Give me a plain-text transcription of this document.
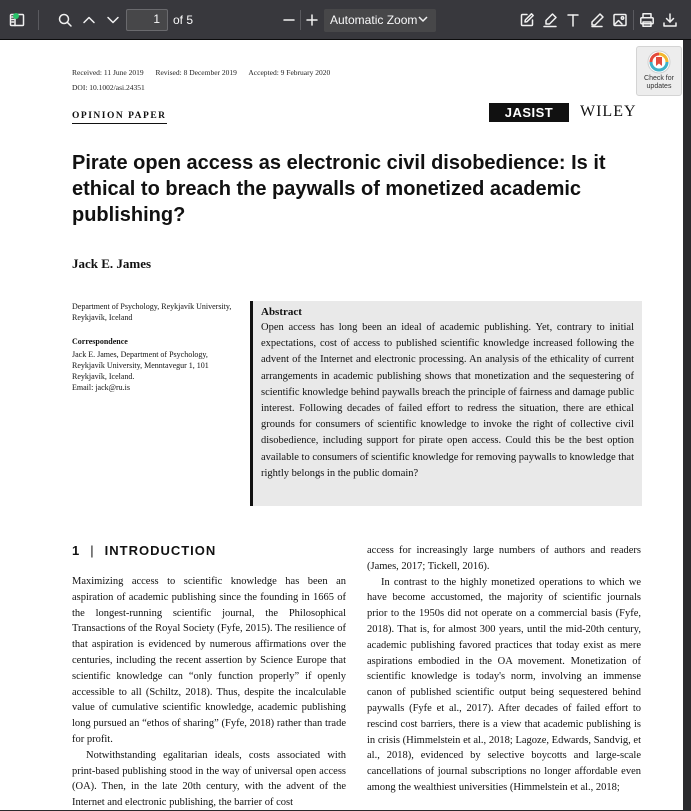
1	of 5	Automatic Zoom
Received: 11 June 2019 Revised: 8 December 2019 Accepted: 9 February 2020
DOI: 10.1002/asi.24351
Check for updates
OPINION PAPER	JASIST	WILEY
Pirate open access as electronic civil disobedience: Is it ethical to breach the paywalls of monetized academic publishing?
Jack E. James
Department of Psychology, Reykjavík University, Reykjavík, Iceland
Correspondence
Jack E. James, Department of Psychology,
Reykjavík University, Menntavegur 1, 101
Reykjavík, Iceland.
Email: jack@ru.is
Abstract

Open access has long been an ideal of academic publishing. Yet, contrary to initial expectations, cost of access to published scientific knowledge increased following the advent of the Internet and electronic processing. An analysis of the ethicality of current arrangements in academic publishing shows that monetization and the sequestering of scientific knowledge behind paywalls breach the principle of fairness and damage public interest. Following decades of failed effort to redress the situation, there are ethical grounds for consumers of scientific knowledge to invoke the right of collective civil disobedience, including support for pirate open access. Could this be the best option available to consumers of scientific knowledge for removing paywalls to knowledge that rightly belongs in the public domain?

1 | INTRODUCTION

Maximizing access to scientific knowledge has been an aspiration of academic publishing since the founding in 1665 of the longest-running scientific journal, the Philosophical Transactions of the Royal Society (Fyfe, 2015). The resilience of that aspiration is evidenced by numerous affirmations over the centuries, including the recent assertion by Science Europe that scientific knowledge can “only function properly” if openly accessible to all (Schiltz, 2018). Thus, despite the incalculable value of cumulative scientific knowledge, academic publishing long pursued an “ethos of sharing” (Fyfe, 2018) rather than trade for profit.

Notwithstanding egalitarian ideals, costs associated with print-based publishing stood in the way of universal open access (OA). Then, in the late 20th century, with the advent of the Internet and electronic publishing, the barrier of cost

access for increasingly large numbers of authors and readers (James, 2017; Tickell, 2016).

In contrast to the highly monetized operations to which we have become accustomed, the majority of scientific journals prior to the 1950s did not operate on a commercial basis (Fyfe, 2018). That is, for almost 300 years, until the mid-20th century, academic publishing favored practices that today exist as mere aspirations embodied in the OA movement. Monetization of scientific knowledge is today's norm, involving an immense canon of published scientific output being sequestered behind paywalls (Fyfe et al., 2017). After decades of failed effort to rescind cost barriers, there is a view that academic publishing is in crisis (Himmelstein et al., 2018; Lagoze, Edwards, Sandvig, et al., 2018), evidenced by selective boycotts and large-scale cancellations of journal subscriptions no longer affordable even among the wealthiest universities (Himmelstein et al., 2018;
